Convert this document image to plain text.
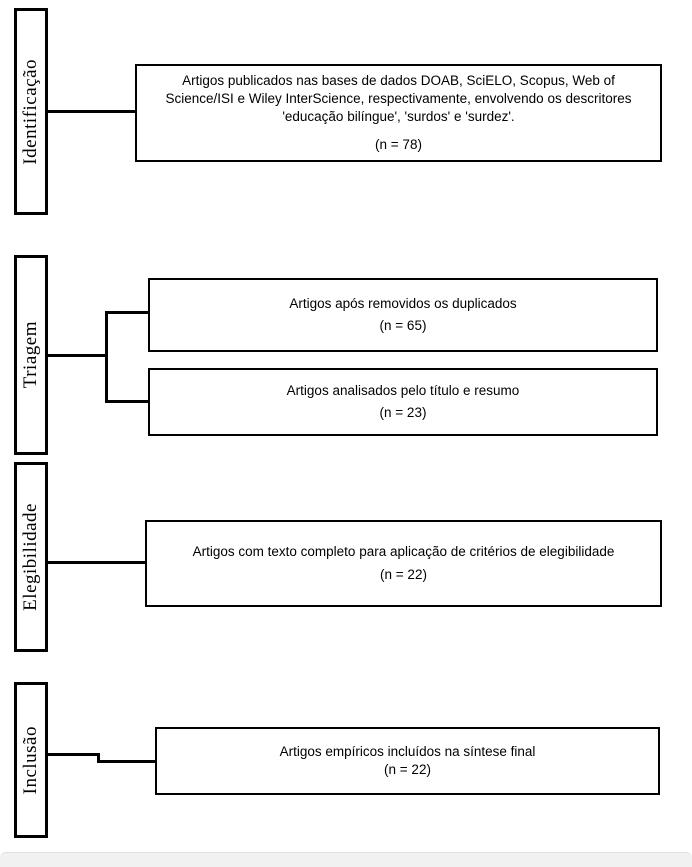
Identificação
Triagem
Elegibilidade
Inclusão
Artigos publicados nas bases de dados DOAB, SciELO, Scopus, Web of Science/ISI e Wiley InterScience, respectivamente, envolvendo os descritores 'educação bilíngue', 'surdos' e 'surdez'.
(n = 78)
Artigos após removidos os duplicados
(n = 65)
Artigos analisados pelo título e resumo
(n = 23)
Artigos com texto completo para aplicação de critérios de elegibilidade
(n = 22)
Artigos empíricos incluídos na síntese final
(n = 22)
